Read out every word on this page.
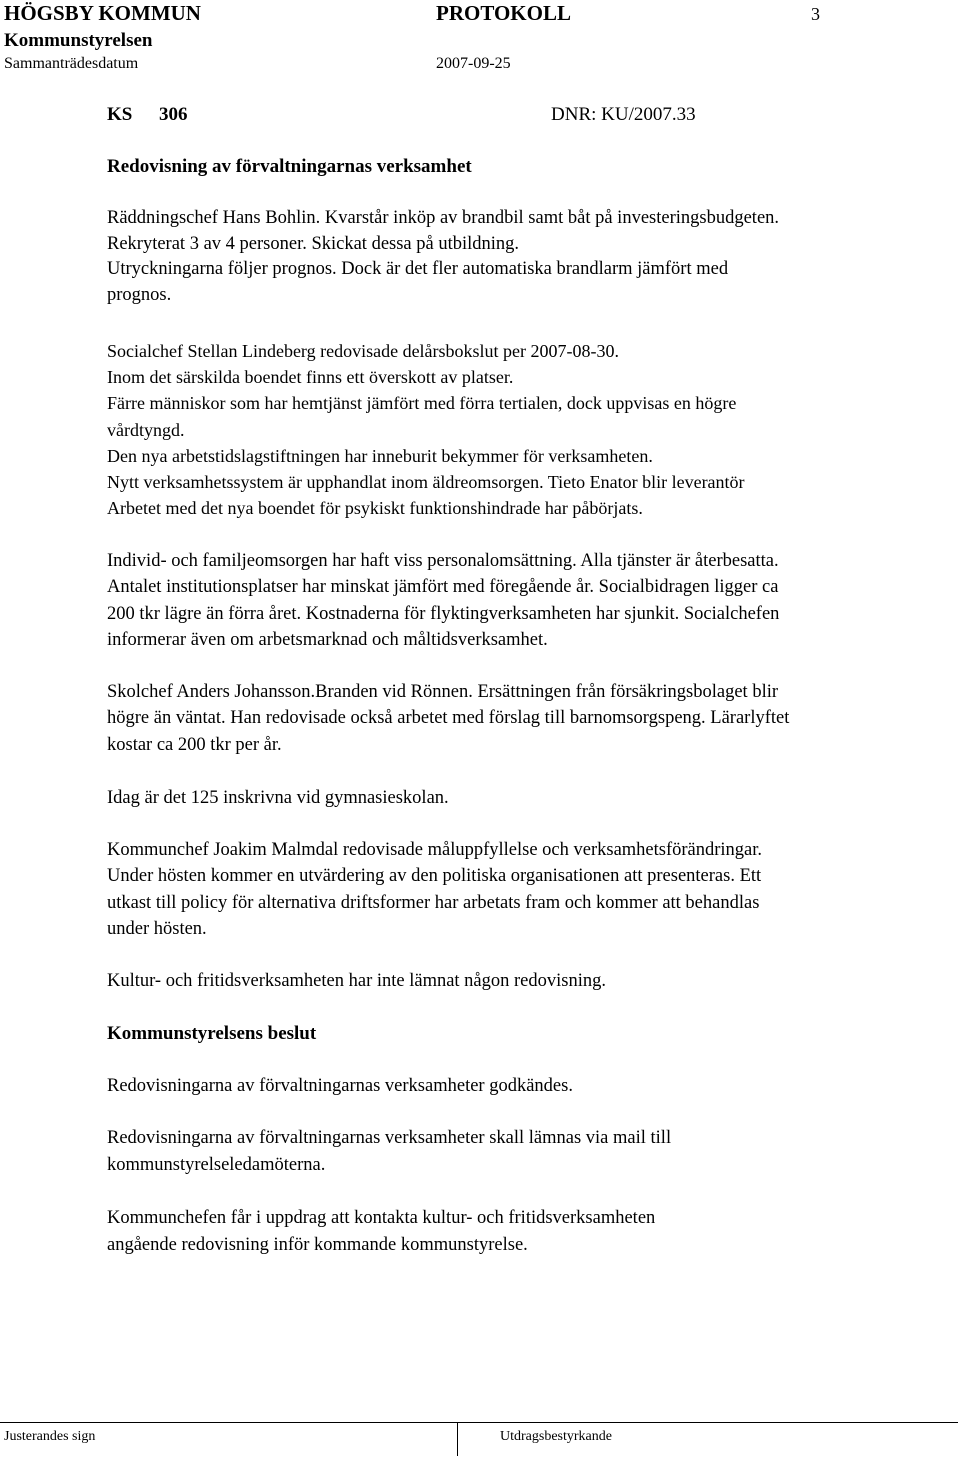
HÖGSBY KOMMUN	PROTOKOLL	3
Kommunstyrelsen
Sammanträdesdatum	2007-09-25
KS 306	DNR: KU/2007.33
Redovisning av förvaltningarnas verksamhet
Räddningschef Hans Bohlin. Kvarstår inköp av brandbil samt båt på investeringsbudgeten.
Rekryterat 3 av 4 personer. Skickat dessa på utbildning.
Utryckningarna följer prognos. Dock är det fler automatiska brandlarm jämfört med
prognos.
Socialchef Stellan Lindeberg redovisade delårsbokslut per 2007-08-30.
Inom det särskilda boendet finns ett överskott av platser.
Färre människor som har hemtjänst jämfört med förra tertialen, dock uppvisas en högre
vårdtyngd.
Den nya arbetstidslagstiftningen har inneburit bekymmer för verksamheten.
Nytt verksamhetssystem är upphandlat inom äldreomsorgen. Tieto Enator blir leverantör
Arbetet med det nya boendet för psykiskt funktionshindrade har påbörjats.
Individ- och familjeomsorgen har haft viss personalomsättning. Alla tjänster är återbesatta.
Antalet institutionsplatser har minskat jämfört med föregående år. Socialbidragen ligger ca
200 tkr lägre än förra året. Kostnaderna för flyktingverksamheten har sjunkit. Socialchefen
informerar även om arbetsmarknad och måltidsverksamhet.
Skolchef Anders Johansson.Branden vid Rönnen. Ersättningen från försäkringsbolaget blir
högre än väntat. Han redovisade också arbetet med förslag till barnomsorgspeng. Lärarlyftet
kostar ca 200 tkr per år.
Idag är det 125 inskrivna vid gymnasieskolan.
Kommunchef Joakim Malmdal redovisade måluppfyllelse och verksamhetsförändringar.
Under hösten kommer en utvärdering av den politiska organisationen att presenteras. Ett
utkast till policy för alternativa driftsformer har arbetats fram och kommer att behandlas
under hösten.
Kultur- och fritidsverksamheten har inte lämnat någon redovisning.
Kommunstyrelsens beslut
Redovisningarna av förvaltningarnas verksamheter godkändes.
Redovisningarna av förvaltningarnas verksamheter skall lämnas via mail till
kommunstyrelseledamöterna.
Kommunchefen får i uppdrag att kontakta kultur- och fritidsverksamheten
angående redovisning inför kommande kommunstyrelse.
Justerandes sign	Utdragsbestyrkande
